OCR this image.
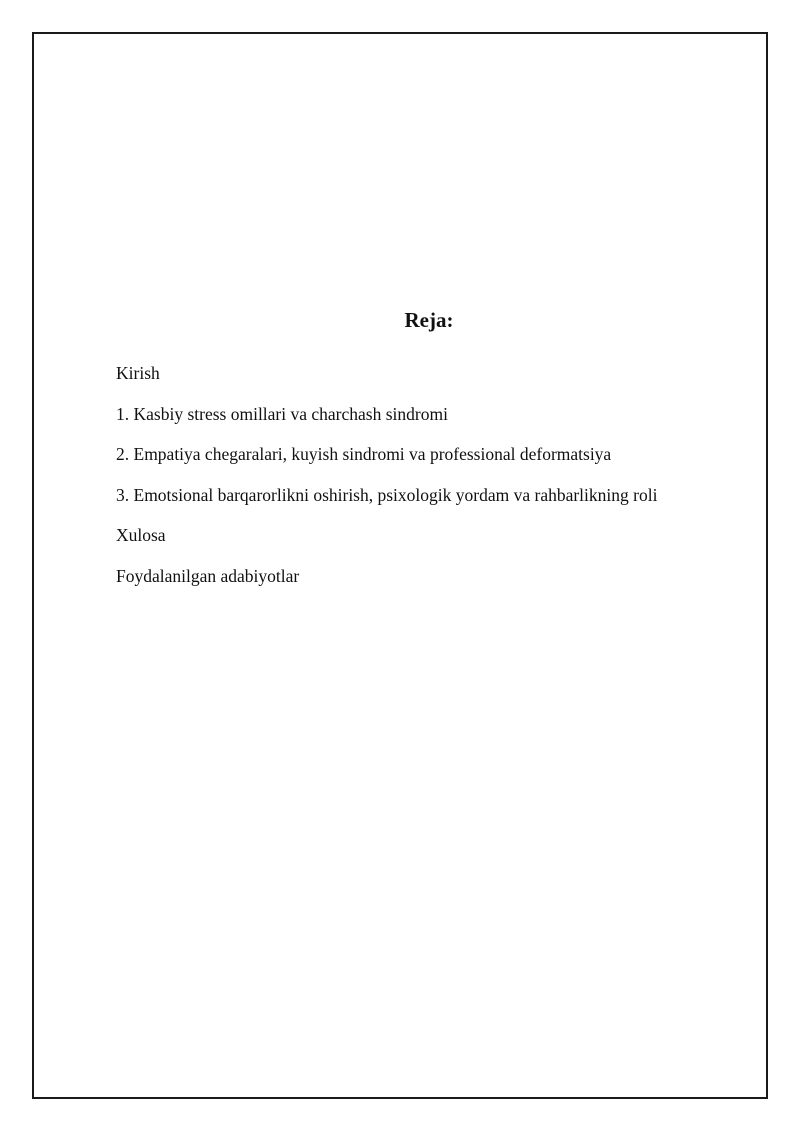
Reja:
Kirish
1. Kasbiy stress omillari va charchash sindromi
2. Empatiya chegaralari, kuyish sindromi va professional deformatsiya
3. Emotsional barqarorlikni oshirish, psixologik yordam va rahbarlikning roli
Xulosa
Foydalanilgan adabiyotlar
